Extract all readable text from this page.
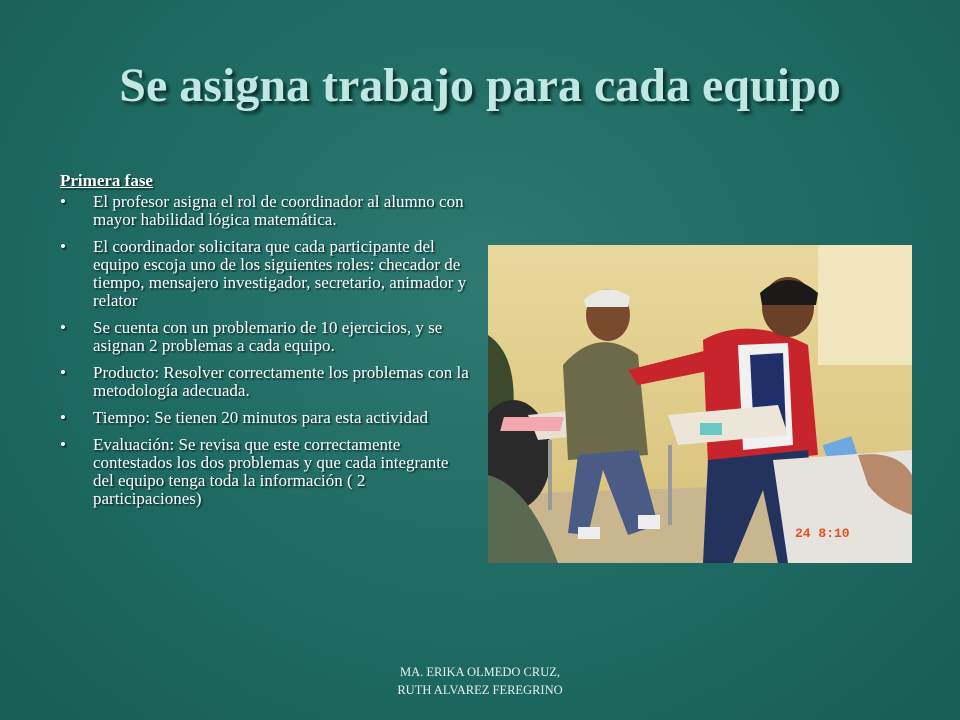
Se asigna trabajo para cada equipo
Primera fase
• El profesor asigna el rol de coordinador al alumno con mayor habilidad lógica matemática.
• El coordinador solicitara que cada participante del equipo escoja uno de los siguientes roles: checador de tiempo, mensajero investigador, secretario, animador y relator
• Se cuenta con un problemario de 10 ejercicios, y se asignan 2 problemas a cada equipo.
• Producto: Resolver correctamente los problemas con la metodología adecuada.
• Tiempo: Se tienen 20 minutos para esta actividad
• Evaluación: Se revisa que este correctamente contestados los dos problemas y que cada integrante del equipo tenga toda la información ( 2 participaciones)
24 8:10
MA. ERIKA OLMEDO CRUZ,
RUTH ALVAREZ FEREGRINO
